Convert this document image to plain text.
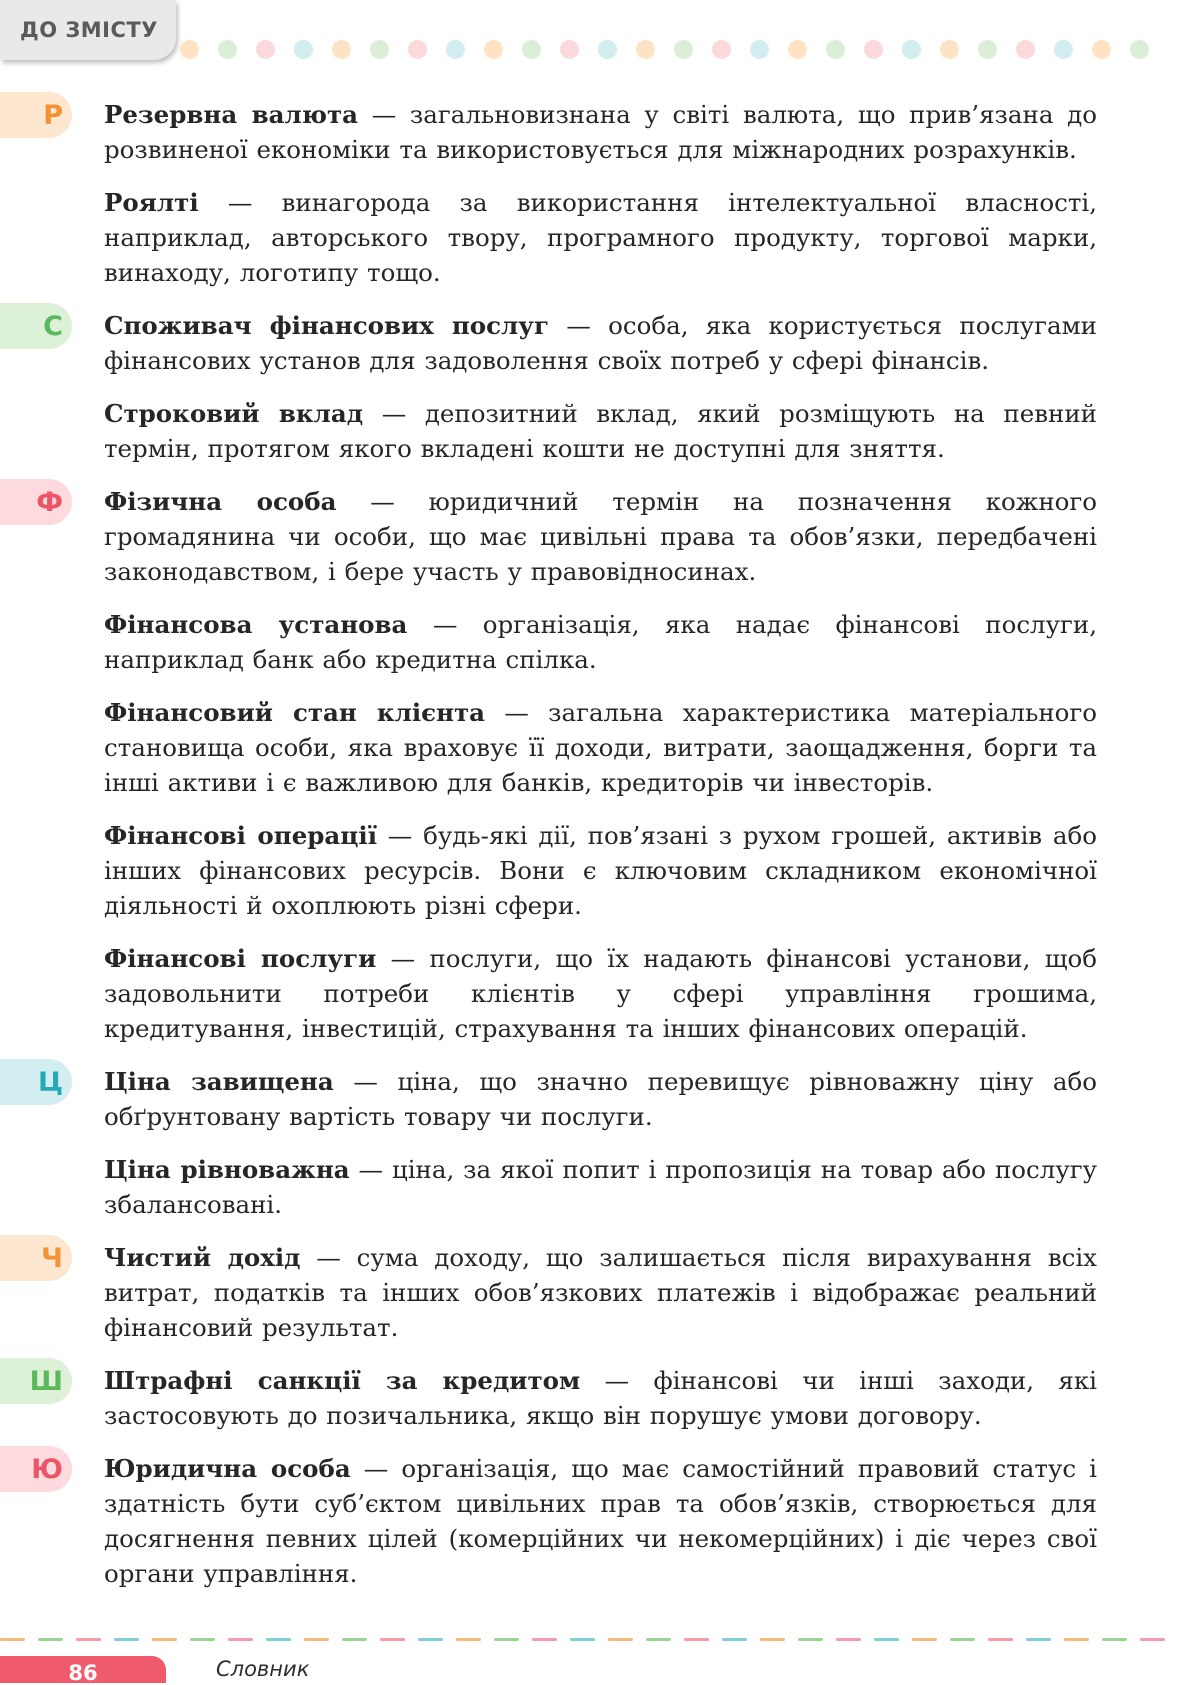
ДО ЗМІСТУ

Р	Резервна валюта — загальновизнана у світі валюта, що прив’язана до розвиненої економіки та використовується для міжнародних розрахунків.

Роялті — винагорода за використання інтелектуальної власності, наприклад, авторського твору, програмного продукту, торгової марки, винаходу, логотипу тощо.

С	Споживач фінансових послуг — особа, яка користується послугами фінансових установ для задоволення своїх потреб у сфері фінансів.

Строковий вклад — депозитний вклад, який розміщують на певний термін, протягом якого вкладені кошти не доступні для зняття.

Ф	Фізична особа — юридичний термін на позначення кожного громадянина чи особи, що має цивільні права та обов’язки, передбачені законодавством, і бере участь у правовідносинах.

Фінансова установа — організація, яка надає фінансові послуги, наприклад банк або кредитна спілка.

Фінансовий стан клієнта — загальна характеристика матеріального становища особи, яка враховує її доходи, витрати, заощадження, борги та інші активи і є важливою для банків, кредиторів чи інвесторів.

Фінансові операції — будь-які дії, пов’язані з рухом грошей, активів або інших фінансових ресурсів. Вони є ключовим складником економічної діяльності й охоплюють різні сфери.

Фінансові послуги — послуги, що їх надають фінансові установи, щоб задовольнити потреби клієнтів у сфері управління грошима, кредитування, інвестицій, страхування та інших фінансових операцій.

Ц	Ціна завищена — ціна, що значно перевищує рівноважну ціну або обґрунтовану вартість товару чи послуги.

Ціна рівноважна — ціна, за якої попит і пропозиція на товар або послугу збалансовані.

Ч	Чистий дохід — сума доходу, що залишається після вирахування всіх витрат, податків та інших обов’язкових платежів і відображає реальний фінансовий результат.

Ш	Штрафні санкції за кредитом — фінансові чи інші заходи, які застосовують до позичальника, якщо він порушує умови договору.

Ю	Юридична особа — організація, що має самостійний правовий статус і здатність бути суб’єктом цивільних прав та обов’язків, створюється для досягнення певних цілей (комерційних чи некомерційних) і діє через свої органи управління.

86	Словник
